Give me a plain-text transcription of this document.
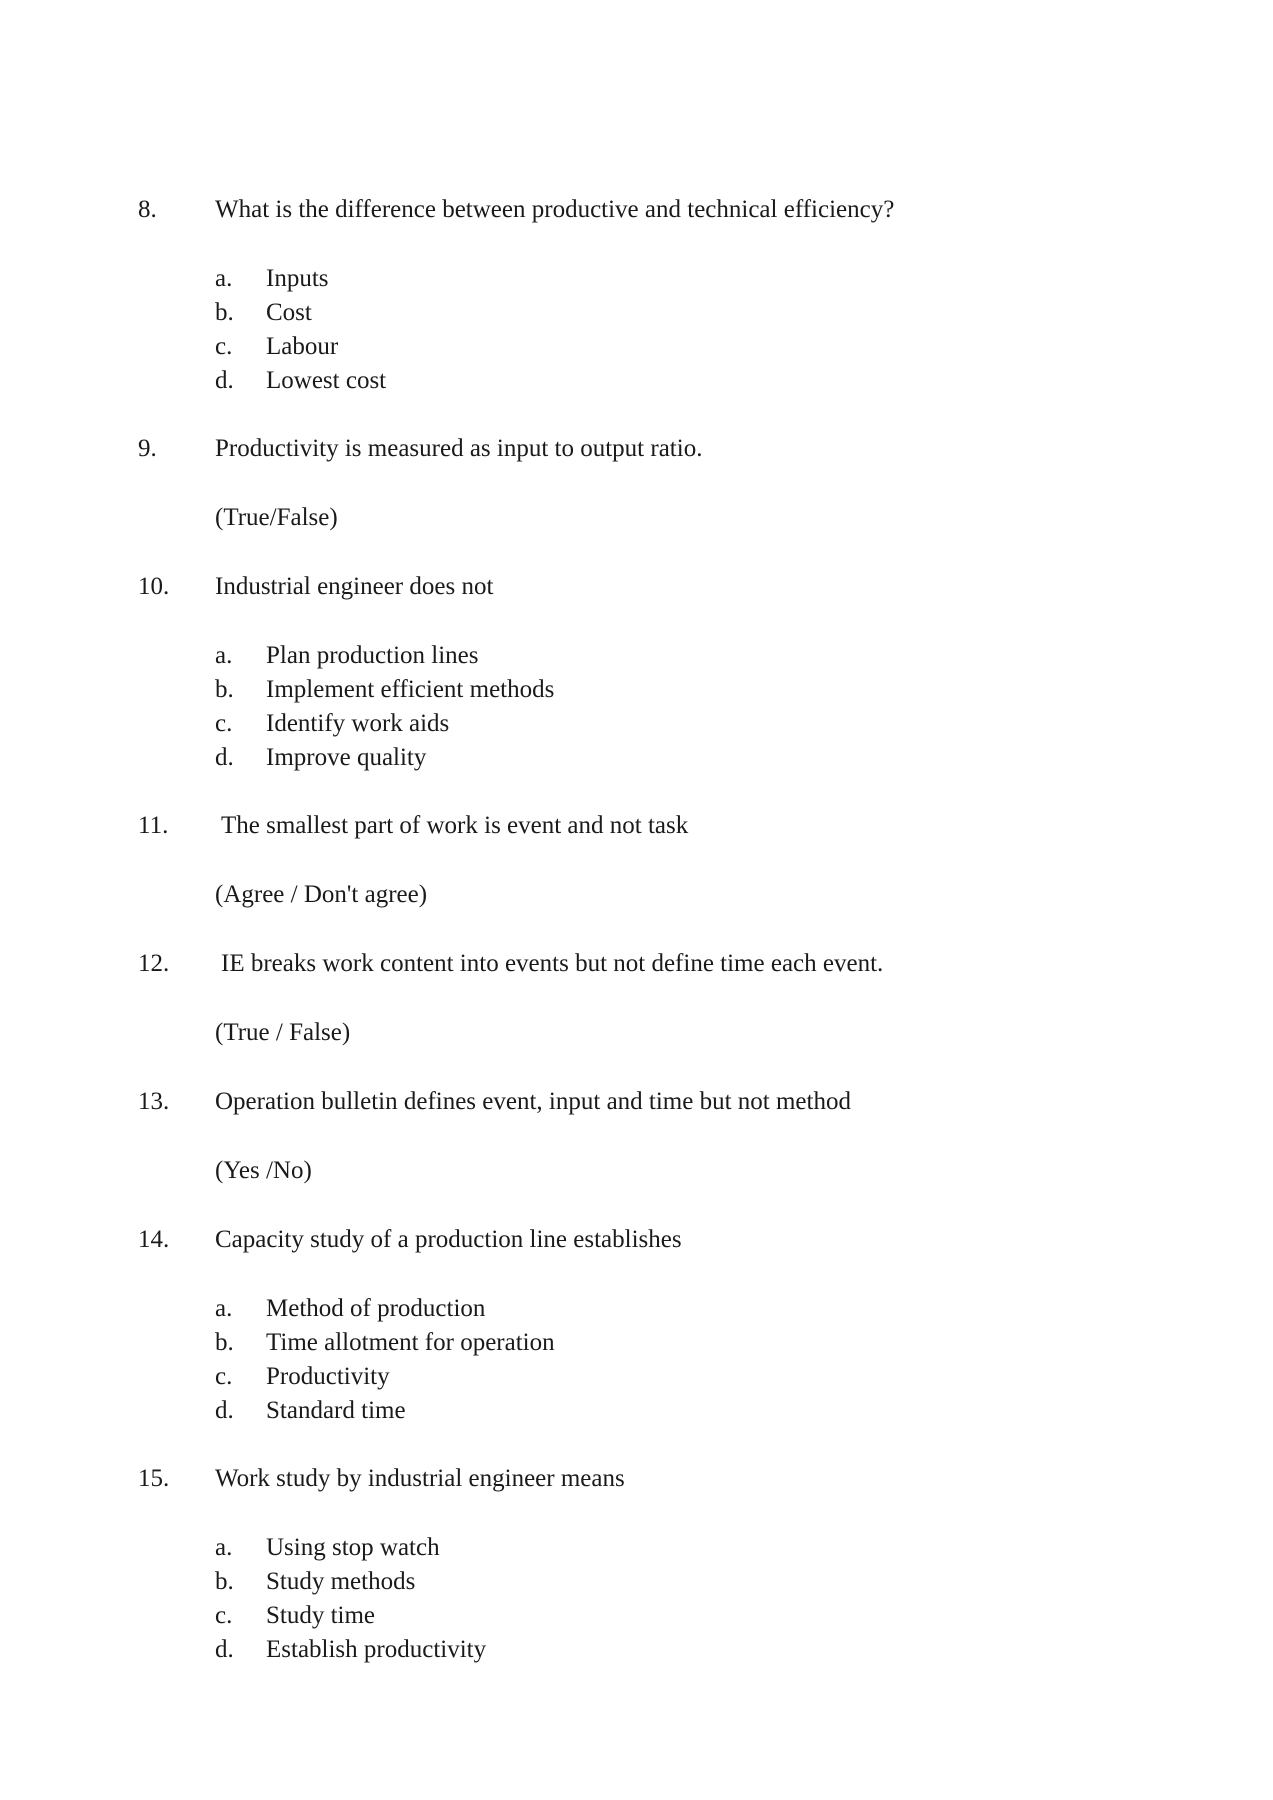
8. What is the difference between productive and technical efficiency?
a. Inputs
b. Cost
c. Labour
d. Lowest cost
9. Productivity is measured as input to output ratio.
(True/False)
10. Industrial engineer does not
a. Plan production lines
b. Implement efficient methods
c. Identify work aids
d. Improve quality
11. The smallest part of work is event and not task
(Agree / Don't agree)
12. IE breaks work content into events but not define time each event.
(True / False)
13. Operation bulletin defines event, input and time but not method
(Yes /No)
14. Capacity study of a production line establishes
a. Method of production
b. Time allotment for operation
c. Productivity
d. Standard time
15. Work study by industrial engineer means
a. Using stop watch
b. Study methods
c. Study time
d. Establish productivity
